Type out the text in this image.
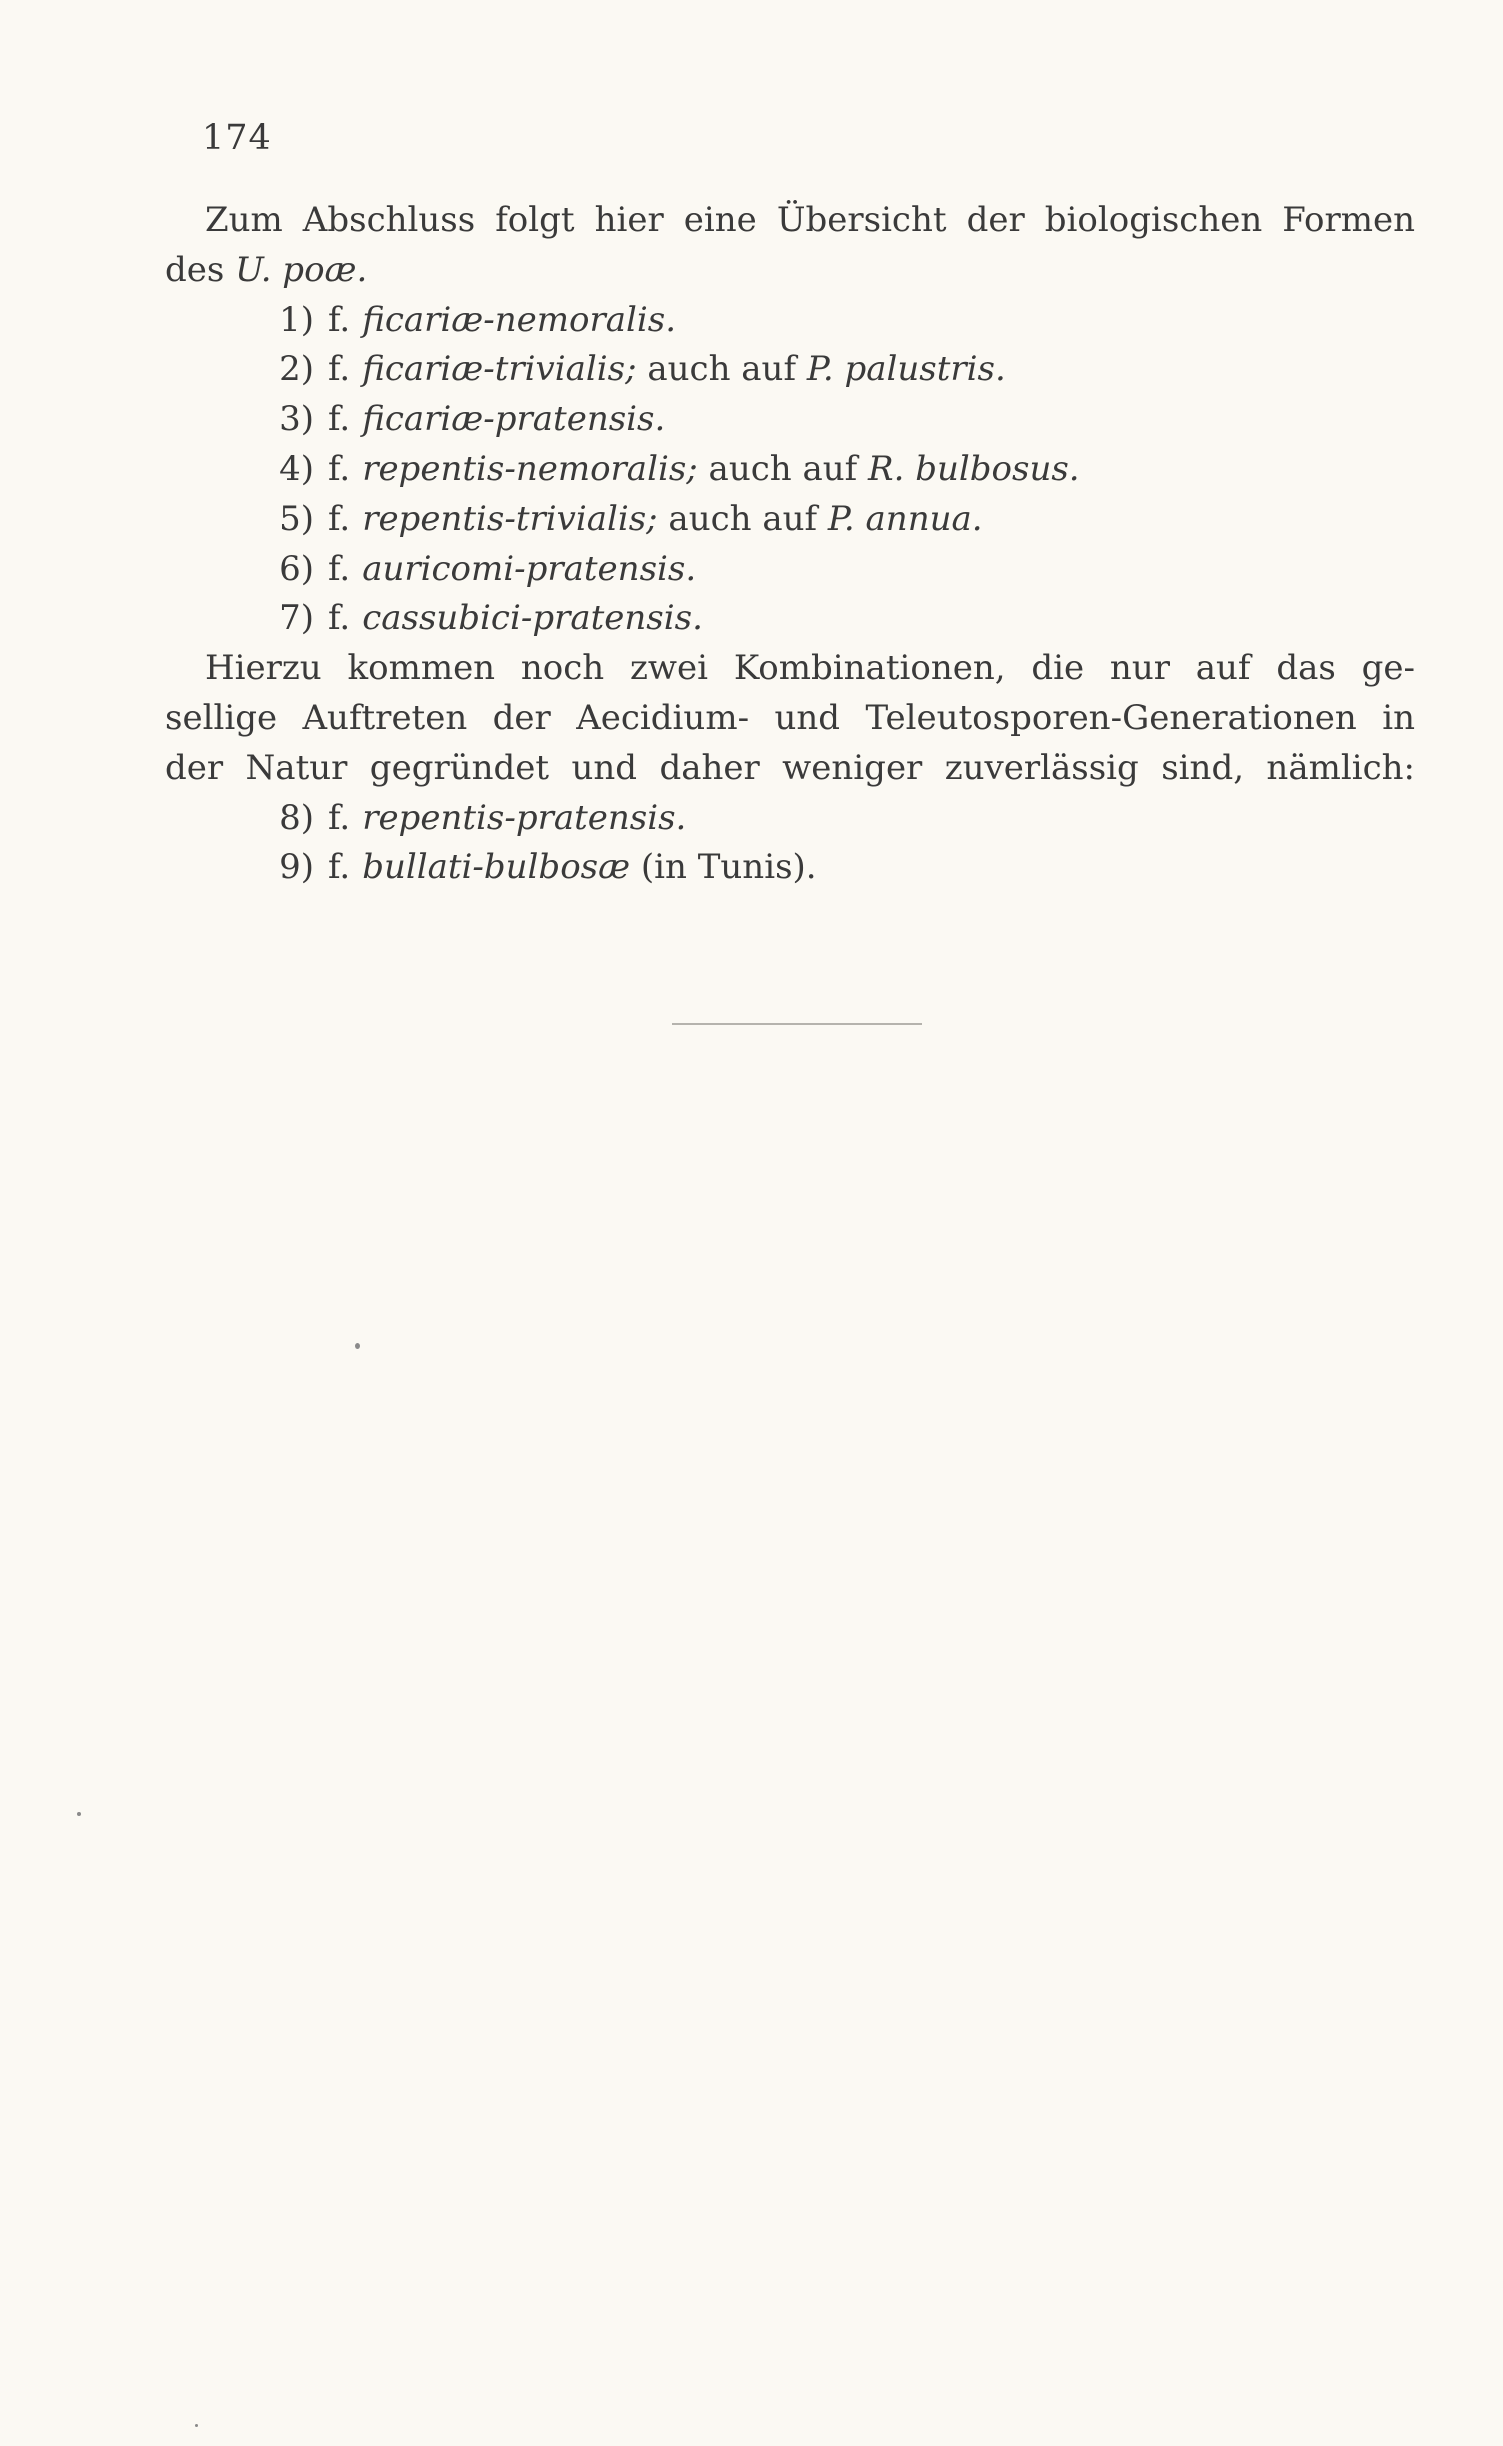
174
Zum Abschluss folgt hier eine Übersicht der biologischen Formen
des U. poæ.
1) f. ficariæ-nemoralis.
2) f. ficariæ-trivialis; auch auf P. palustris.
3) f. ficariæ-pratensis.
4) f. repentis-nemoralis; auch auf R. bulbosus.
5) f. repentis-trivialis; auch auf P. annua.
6) f. auricomi-pratensis.
7) f. cassubici-pratensis.
Hierzu kommen noch zwei Kombinationen, die nur auf das ge-
sellige Auftreten der Aecidium- und Teleutosporen-Generationen in
der Natur gegründet und daher weniger zuverlässig sind, nämlich:
8) f. repentis-pratensis.
9) f. bullati-bulbosæ (in Tunis).
